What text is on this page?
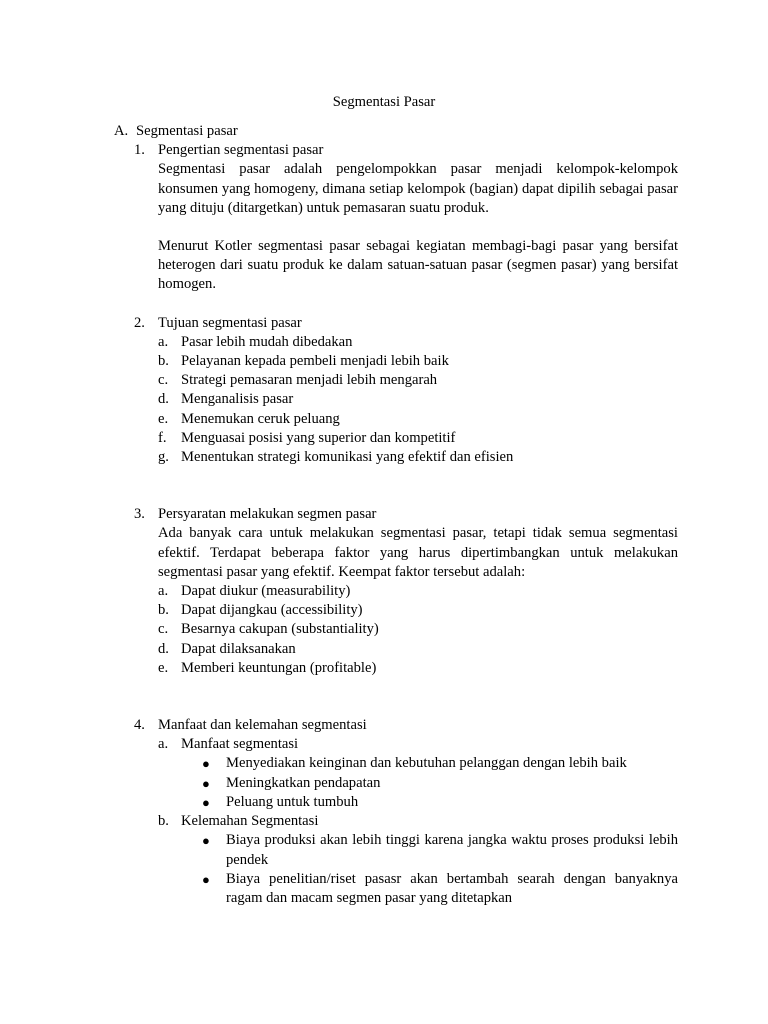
Segmentasi Pasar
A. Segmentasi pasar
1. Pengertian segmentasi pasar
Segmentasi pasar adalah pengelompokkan pasar menjadi kelompok-kelompok konsumen yang homogeny, dimana setiap kelompok (bagian) dapat dipilih sebagai pasar yang dituju (ditargetkan) untuk pemasaran suatu produk.
Menurut Kotler segmentasi pasar sebagai kegiatan membagi-bagi pasar yang bersifat heterogen dari suatu produk ke dalam satuan-satuan pasar (segmen pasar) yang bersifat homogen.
2. Tujuan segmentasi pasar
a. Pasar lebih mudah dibedakan
b. Pelayanan kepada pembeli menjadi lebih baik
c. Strategi pemasaran menjadi lebih mengarah
d. Menganalisis pasar
e. Menemukan ceruk peluang
f. Menguasai posisi yang superior dan kompetitif
g. Menentukan strategi komunikasi yang efektif dan efisien
3. Persyaratan melakukan segmen pasar
Ada banyak cara untuk melakukan segmentasi pasar, tetapi tidak semua segmentasi efektif. Terdapat beberapa faktor yang harus dipertimbangkan untuk melakukan segmentasi pasar yang efektif. Keempat faktor tersebut adalah:
a. Dapat diukur (measurability)
b. Dapat dijangkau (accessibility)
c. Besarnya cakupan (substantiality)
d. Dapat dilaksanakan
e. Memberi keuntungan (profitable)
4. Manfaat dan kelemahan segmentasi
a. Manfaat segmentasi
● Menyediakan keinginan dan kebutuhan pelanggan dengan lebih baik
● Meningkatkan pendapatan
● Peluang untuk tumbuh
b. Kelemahan Segmentasi
● Biaya produksi akan lebih tinggi karena jangka waktu proses produksi lebih pendek
● Biaya penelitian/riset pasasr akan bertambah searah dengan banyaknya ragam dan macam segmen pasar yang ditetapkan
